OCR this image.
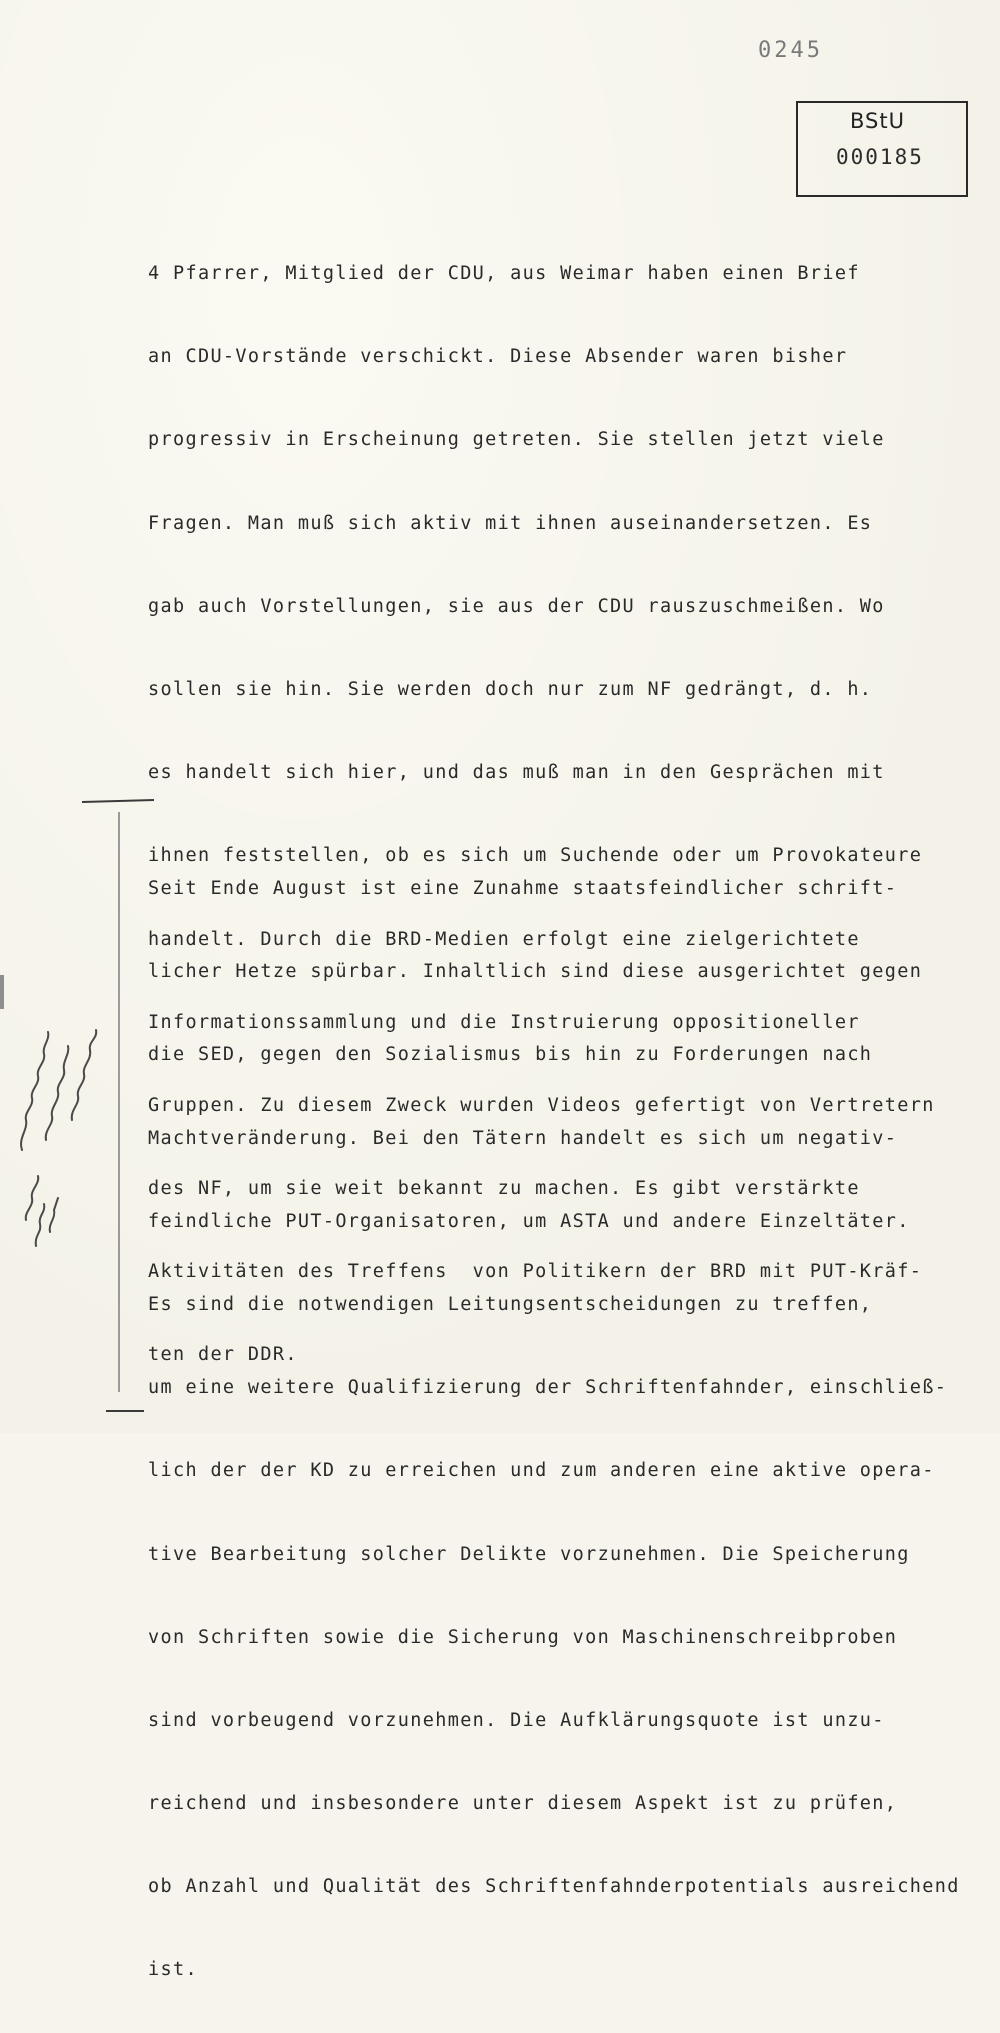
0245
BStU
000185

4 Pfarrer, Mitglied der CDU, aus Weimar haben einen Brief

an CDU-Vorstände verschickt. Diese Absender waren bisher

progressiv in Erscheinung getreten. Sie stellen jetzt viele

Fragen. Man muß sich aktiv mit ihnen auseinandersetzen. Es

gab auch Vorstellungen, sie aus der CDU rauszuschmeißen. Wo

sollen sie hin. Sie werden doch nur zum NF gedrängt, d. h.

es handelt sich hier, und das muß man in den Gesprächen mit

ihnen feststellen, ob es sich um Suchende oder um Provokateure

handelt. Durch die BRD-Medien erfolgt eine zielgerichtete

Informationssammlung und die Instruierung oppositioneller

Gruppen. Zu diesem Zweck wurden Videos gefertigt von Vertretern

des NF, um sie weit bekannt zu machen. Es gibt verstärkte

Aktivitäten des Treffens  von Politikern der BRD mit PUT-Kräf-

ten der DDR.

Seit Ende August ist eine Zunahme staatsfeindlicher schrift-

licher Hetze spürbar. Inhaltlich sind diese ausgerichtet gegen

die SED, gegen den Sozialismus bis hin zu Forderungen nach

Machtveränderung. Bei den Tätern handelt es sich um negativ-

feindliche PUT-Organisatoren, um ASTA und andere Einzeltäter.

Es sind die notwendigen Leitungsentscheidungen zu treffen,

um eine weitere Qualifizierung der Schriftenfahnder, einschließ-

lich der der KD zu erreichen und zum anderen eine aktive opera-

tive Bearbeitung solcher Delikte vorzunehmen. Die Speicherung

von Schriften sowie die Sicherung von Maschinenschreibproben

sind vorbeugend vorzunehmen. Die Aufklärungsquote ist unzu-

reichend und insbesondere unter diesem Aspekt ist zu prüfen,

ob Anzahl und Qualität des Schriftenfahnderpotentials ausreichend

ist.
